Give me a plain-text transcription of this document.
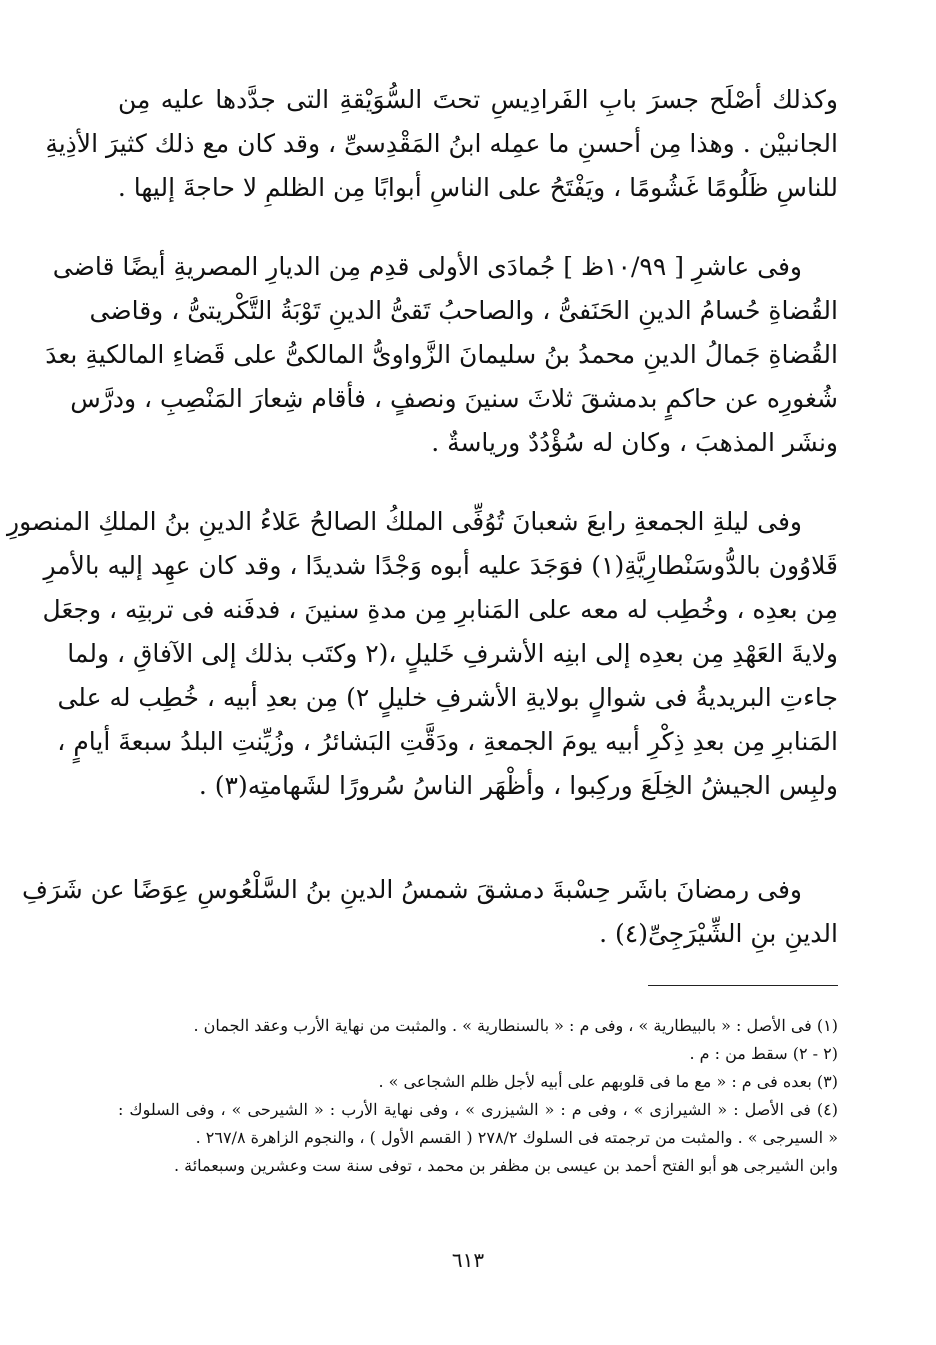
وكذلك أصْلَح جسرَ بابِ الفَرادِيسِ تحتَ السُّوَيْقةِ التى جدَّدها عليه مِن
الجانبيْن . وهذا مِن أحسنِ ما عمِله ابنُ المَقْدِسىِّ ، وقد كان مع ذلك كثيرَ الأذِيةِ
للناسِ ظَلُومًا غَشُومًا ، ويَفْتَحُ على الناسِ أبوابًا مِن الظلمِ لا حاجةَ إليها .
وفى عاشرِ [ ١٠/٩٩ظ ] جُمادَى الأولى قدِم مِن الديارِ المصريةِ أيضًا قاضى
القُضاةِ حُسامُ الدينِ الحَنَفىُّ ، والصاحبُ تَقىُّ الدينِ تَوْبَةُ التَّكْريتىُّ ، وقاضى
القُضاةِ جَمالُ الدينِ محمدُ بنُ سليمانَ الزَّواوىُّ المالكىُّ على قَضاءِ المالكيةِ بعدَ
شُغورِه عن حاكمٍ بدمشقَ ثلاثَ سنينَ ونصفٍ ، فأقام شِعارَ المَنْصِبِ ، ودرَّس
ونشَر المذهبَ ، وكان له سُؤْدُدٌ ورياسةٌ .
وفى ليلةِ الجمعةِ رابعَ شعبانَ تُوُفِّى الملكُ الصالحُ عَلاءُ الدينِ بنُ الملكِ المنصورِ
قَلاوُون بالدُّوسَنْطارِيَّةِ(١) فوَجَدَ عليه أبوه وَجْدًا شديدًا ، وقد كان عهِد إليه بالأمرِ
مِن بعدِه ، وخُطِب له معه على المَنابرِ مِن مدةِ سنينَ ، فدفَنه فى تربتِه ، وجعَل
ولايةَ العَهْدِ مِن بعدِه إلى ابنِه الأشرفِ خَليلٍ ،(٢ وكتَب بذلك إلى الآفاقِ ، ولما
جاءتِ البريديةُ فى شوالٍ بولايةِ الأشرفِ خليلٍ ٢) مِن بعدِ أبيه ، خُطِب له على
المَنابرِ مِن بعدِ ذِكْرِ أبيه يومَ الجمعةِ ، ودَقَّتِ البَشائرُ ، وزُيِّنتِ البلدُ سبعةَ أيامٍ ،
ولبِس الجيشُ الخِلَعَ وركِبوا ، وأظْهَر الناسُ سُرورًا لشَهامتِه(٣) .
وفى رمضانَ باشَر حِسْبةَ دمشقَ شمسُ الدينِ بنُ السَّلْعُوسِ عِوَضًا عن شَرَفِ
الدينِ بنِ الشِّيْرَجِىِّ(٤) .
(١) فى الأصل : « بالبيطارية » ، وفى م : « بالسنطارية » . والمثبت من نهاية الأرب وعقد الجمان .
(٢ - ٢) سقط من : م .
(٣) بعده فى م : « مع ما فى قلوبهم على أبيه لأجل ظلم الشجاعى » .
(٤) فى الأصل : « الشيرازى » ، وفى م : « الشيزرى » ، وفى نهاية الأرب : « الشيرحى » ، وفى السلوك :
« السيرجى » . والمثبت من ترجمته فى السلوك ٢٧٨/٢ ( القسم الأول ) ، والنجوم الزاهرة ٢٦٧/٨ .
وابن الشيرجى هو أبو الفتح أحمد بن عيسى بن مظفر بن محمد ، توفى سنة ست وعشرين وسبعمائة .
٦١٣
